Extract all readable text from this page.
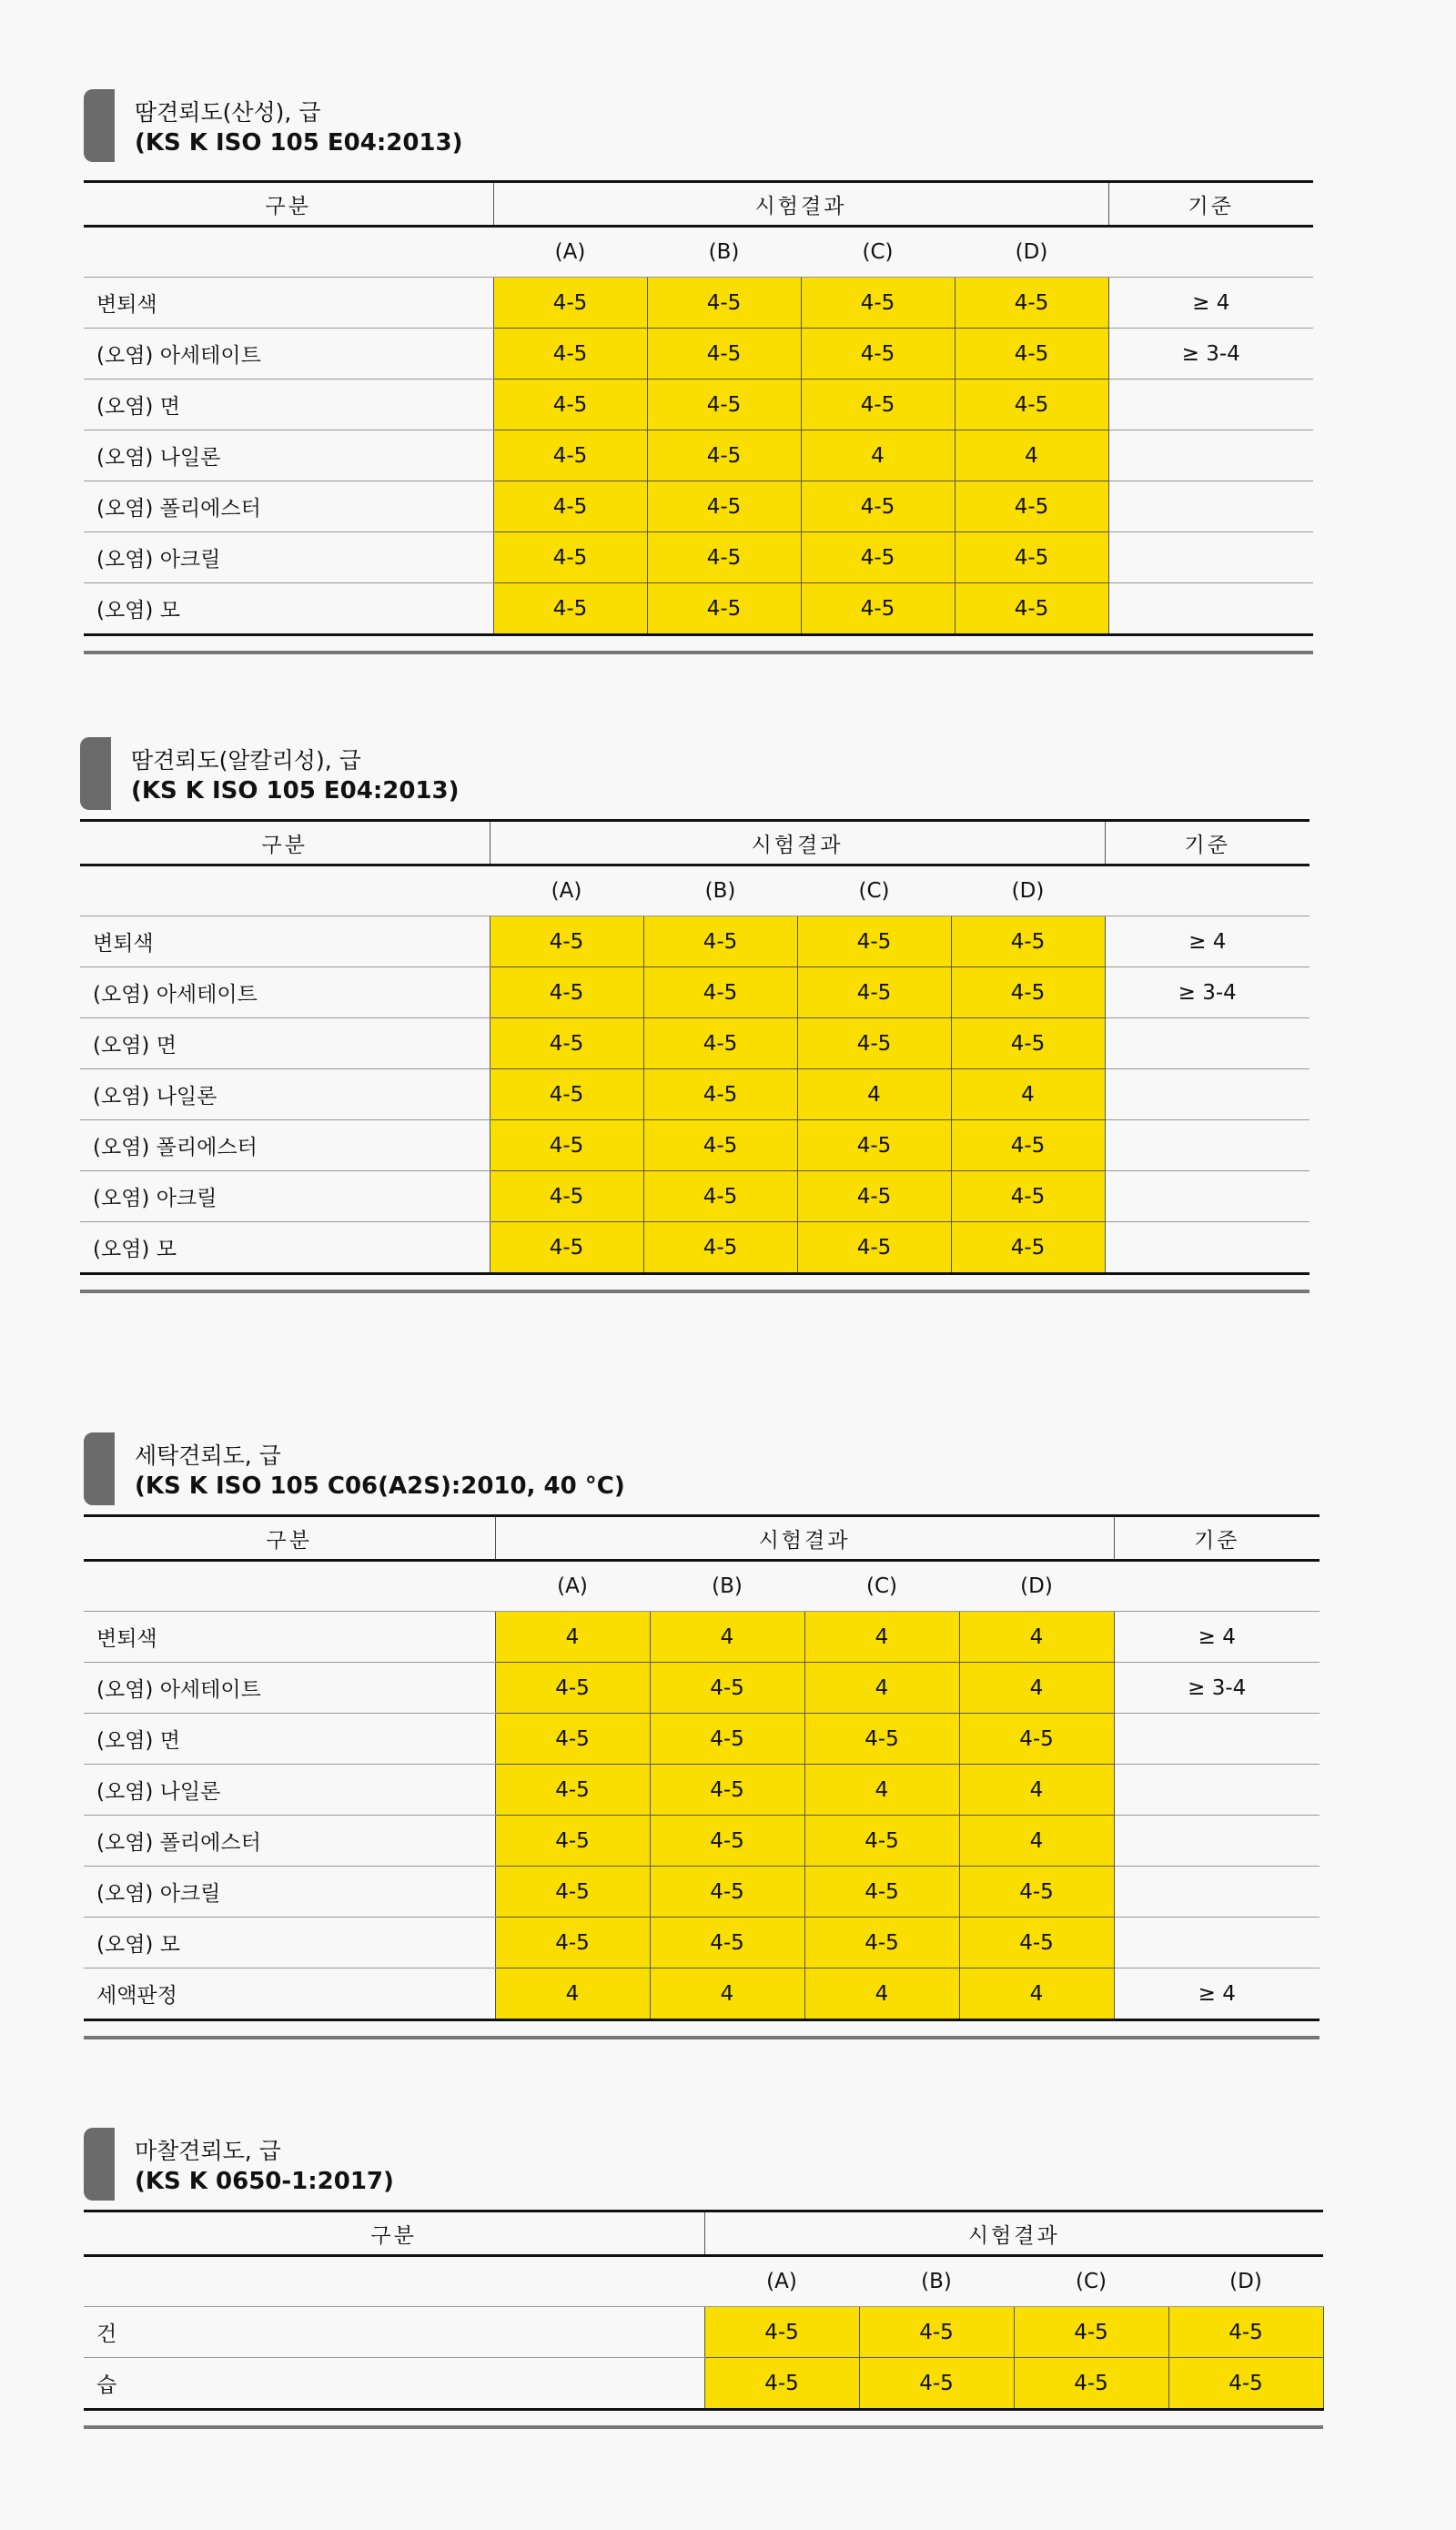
땀견뢰도(산성), 급
(KS K ISO 105 E04:2013)
구분	시험결과				기준
	(A)	(B)	(C)	(D)	
변퇴색	4-5	4-5	4-5	4-5	≥ 4
(오염) 아세테이트	4-5	4-5	4-5	4-5	≥ 3-4
(오염) 면	4-5	4-5	4-5	4-5	
(오염) 나일론	4-5	4-5	4	4	
(오염) 폴리에스터	4-5	4-5	4-5	4-5	
(오염) 아크릴	4-5	4-5	4-5	4-5	
(오염) 모	4-5	4-5	4-5	4-5	
땀견뢰도(알칼리성), 급
(KS K ISO 105 E04:2013)
구분	시험결과				기준
	(A)	(B)	(C)	(D)	
변퇴색	4-5	4-5	4-5	4-5	≥ 4
(오염) 아세테이트	4-5	4-5	4-5	4-5	≥ 3-4
(오염) 면	4-5	4-5	4-5	4-5	
(오염) 나일론	4-5	4-5	4	4	
(오염) 폴리에스터	4-5	4-5	4-5	4-5	
(오염) 아크릴	4-5	4-5	4-5	4-5	
(오염) 모	4-5	4-5	4-5	4-5	
세탁견뢰도, 급
(KS K ISO 105 C06(A2S):2010, 40 °C)
구분	시험결과				기준
	(A)	(B)	(C)	(D)	
변퇴색	4	4	4	4	≥ 4
(오염) 아세테이트	4-5	4-5	4	4	≥ 3-4
(오염) 면	4-5	4-5	4-5	4-5	
(오염) 나일론	4-5	4-5	4	4	
(오염) 폴리에스터	4-5	4-5	4-5	4	
(오염) 아크릴	4-5	4-5	4-5	4-5	
(오염) 모	4-5	4-5	4-5	4-5	
세액판정	4	4	4	4	≥ 4
마찰견뢰도, 급
(KS K 0650-1:2017)
구분	시험결과			
	(A)	(B)	(C)	(D)
건	4-5	4-5	4-5	4-5
습	4-5	4-5	4-5	4-5
